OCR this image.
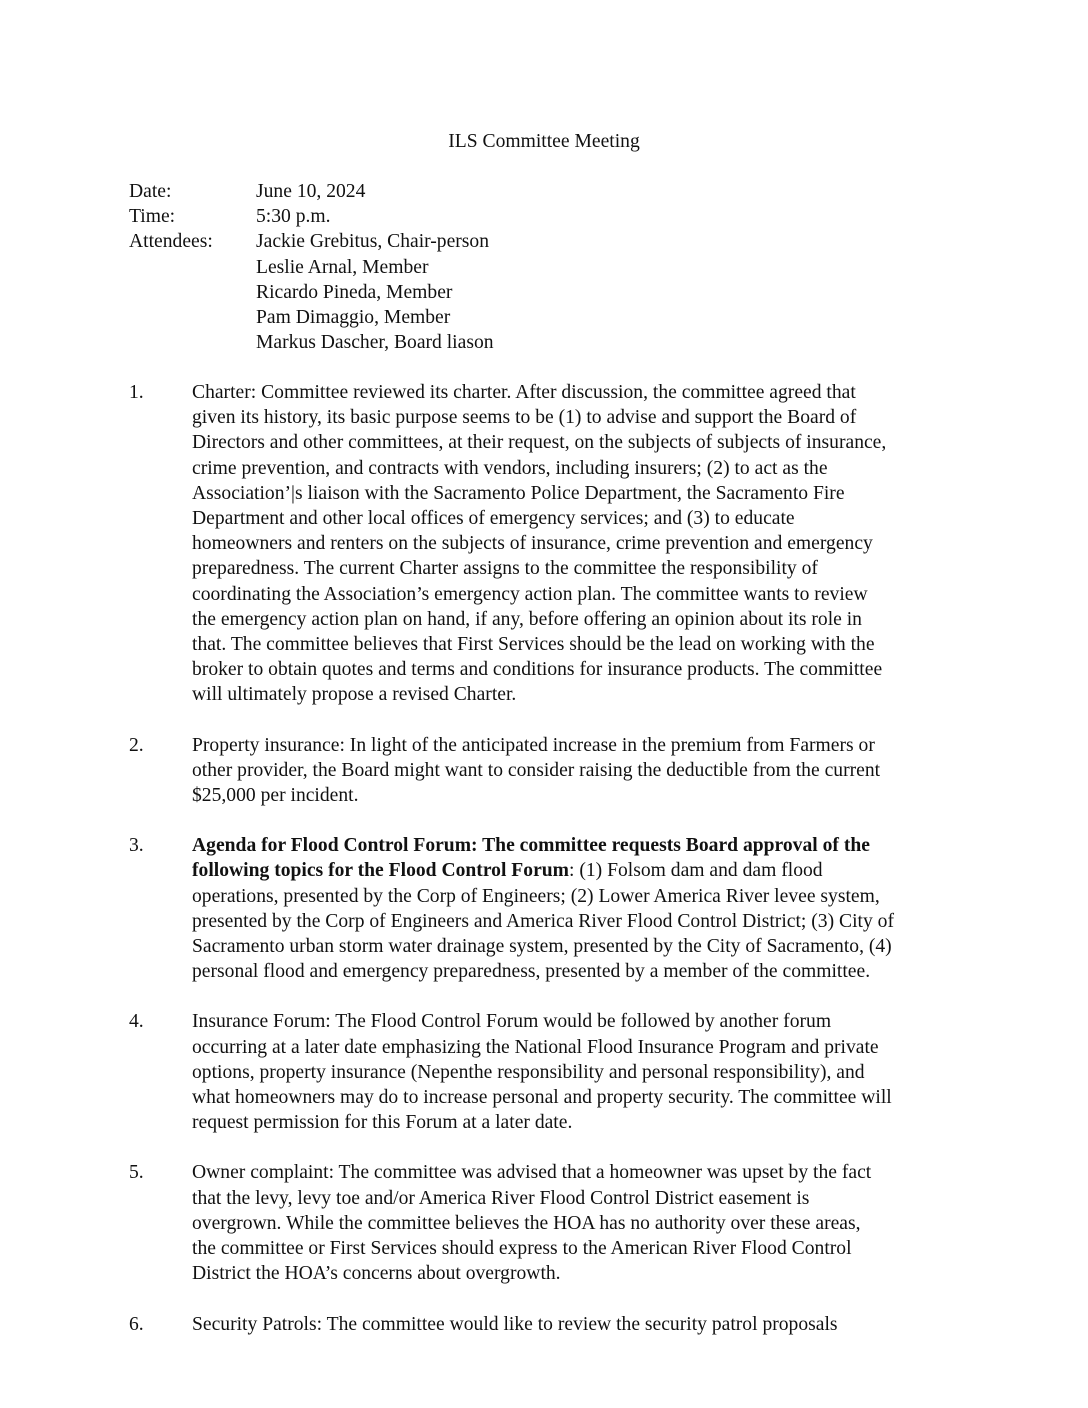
ILS Committee Meeting
Date:	June 10, 2024
Time:	5:30 p.m.
Attendees:	Jackie Grebitus, Chair-person
Leslie Arnal, Member
Ricardo Pineda, Member
Pam Dimaggio, Member
Markus Dascher, Board liason
1.	Charter: Committee reviewed its charter. After discussion, the committee agreed that
given its history, its basic purpose seems to be (1) to advise and support the Board of
Directors and other committees, at their request, on the subjects of subjects of insurance,
crime prevention, and contracts with vendors, including insurers; (2) to act as the
Association’|s liaison with the Sacramento Police Department, the Sacramento Fire
Department and other local offices of emergency services; and (3) to educate
homeowners and renters on the subjects of insurance, crime prevention and emergency
preparedness. The current Charter assigns to the committee the responsibility of
coordinating the Association’s emergency action plan. The committee wants to review
the emergency action plan on hand, if any, before offering an opinion about its role in
that. The committee believes that First Services should be the lead on working with the
broker to obtain quotes and terms and conditions for insurance products. The committee
will ultimately propose a revised Charter.
2.	Property insurance: In light of the anticipated increase in the premium from Farmers or
other provider, the Board might want to consider raising the deductible from the current
$25,000 per incident.
3.	Agenda for Flood Control Forum: The committee requests Board approval of the
following topics for the Flood Control Forum: (1) Folsom dam and dam flood
operations, presented by the Corp of Engineers; (2) Lower America River levee system,
presented by the Corp of Engineers and America River Flood Control District; (3) City of
Sacramento urban storm water drainage system, presented by the City of Sacramento, (4)
personal flood and emergency preparedness, presented by a member of the committee.
4.	Insurance Forum: The Flood Control Forum would be followed by another forum
occurring at a later date emphasizing the National Flood Insurance Program and private
options, property insurance (Nepenthe responsibility and personal responsibility), and
what homeowners may do to increase personal and property security. The committee will
request permission for this Forum at a later date.
5.	Owner complaint: The committee was advised that a homeowner was upset by the fact
that the levy, levy toe and/or America River Flood Control District easement is
overgrown. While the committee believes the HOA has no authority over these areas,
the committee or First Services should express to the American River Flood Control
District the HOA’s concerns about overgrowth.
6.	Security Patrols: The committee would like to review the security patrol proposals
